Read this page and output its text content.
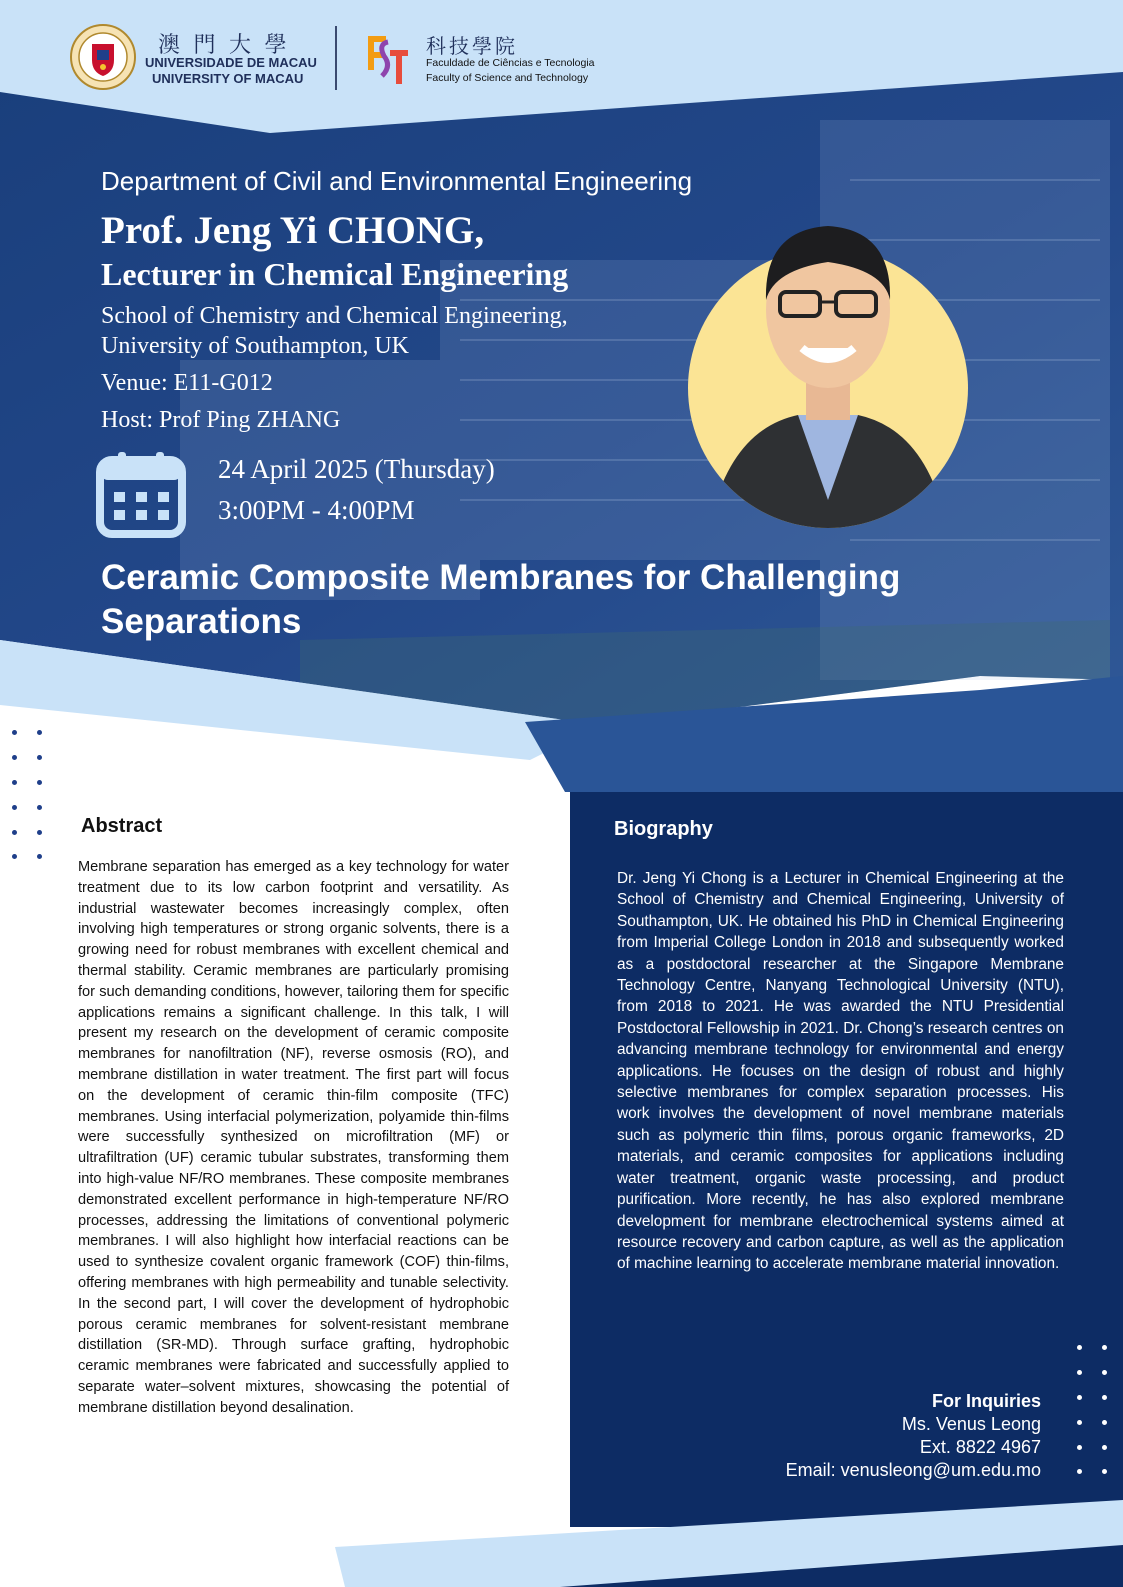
澳 門 大 學
UNIVERSIDADE DE MACAU
UNIVERSITY OF MACAU
科技學院
Faculdade de Ciências e Tecnologia
Faculty of Science and Technology
Department of Civil and Environmental Engineering
Prof. Jeng Yi CHONG,
Lecturer in Chemical Engineering
School of Chemistry and Chemical Engineering,
University of Southampton, UK
Venue: E11-G012
Host: Prof Ping ZHANG
24 April 2025 (Thursday)
3:00PM - 4:00PM
Ceramic Composite Membranes for Challenging
Separations
Abstract
Membrane separation has emerged as a key technology for water treatment due to its low carbon footprint and versatility. As industrial wastewater becomes increasingly complex, often involving high temperatures or strong organic solvents, there is a growing need for robust membranes with excellent chemical and thermal stability. Ceramic membranes are particularly promising for such demanding conditions, however, tailoring them for specific applications remains a significant challenge. In this talk, I will present my research on the development of ceramic composite membranes for nanofiltration (NF), reverse osmosis (RO), and membrane distillation in water treatment. The first part will focus on the development of ceramic thin-film composite (TFC) membranes. Using interfacial polymerization, polyamide thin-films were successfully synthesized on microfiltration (MF) or ultrafiltration (UF) ceramic tubular substrates, transforming them into high-value NF/RO membranes. These composite membranes demonstrated excellent performance in high-temperature NF/RO processes, addressing the limitations of conventional polymeric membranes. I will also highlight how interfacial reactions can be used to synthesize covalent organic framework (COF) thin-films, offering membranes with high permeability and tunable selectivity. In the second part, I will cover the development of hydrophobic porous ceramic membranes for solvent-resistant membrane distillation (SR-MD). Through surface grafting, hydrophobic ceramic membranes were fabricated and successfully applied to separate water–solvent mixtures, showcasing the potential of membrane distillation beyond desalination.
Biography
Dr. Jeng Yi Chong is a Lecturer in Chemical Engineering at the School of Chemistry and Chemical Engineering, University of Southampton, UK. He obtained his PhD in Chemical Engineering from Imperial College London in 2018 and subsequently worked as a postdoctoral researcher at the Singapore Membrane Technology Centre, Nanyang Technological University (NTU), from 2018 to 2021. He was awarded the NTU Presidential Postdoctoral Fellowship in 2021. Dr. Chong’s research centres on advancing membrane technology for environmental and energy applications. He focuses on the design of robust and highly selective membranes for complex separation processes. His work involves the development of novel membrane materials such as polymeric thin films, porous organic frameworks, 2D materials, and ceramic composites for applications including water treatment, organic waste processing, and product purification. More recently, he has also explored membrane development for membrane electrochemical systems aimed at resource recovery and carbon capture, as well as the application of machine learning to accelerate membrane material innovation.
For Inquiries
Ms. Venus Leong
Ext. 8822 4967
Email: venusleong@um.edu.mo
